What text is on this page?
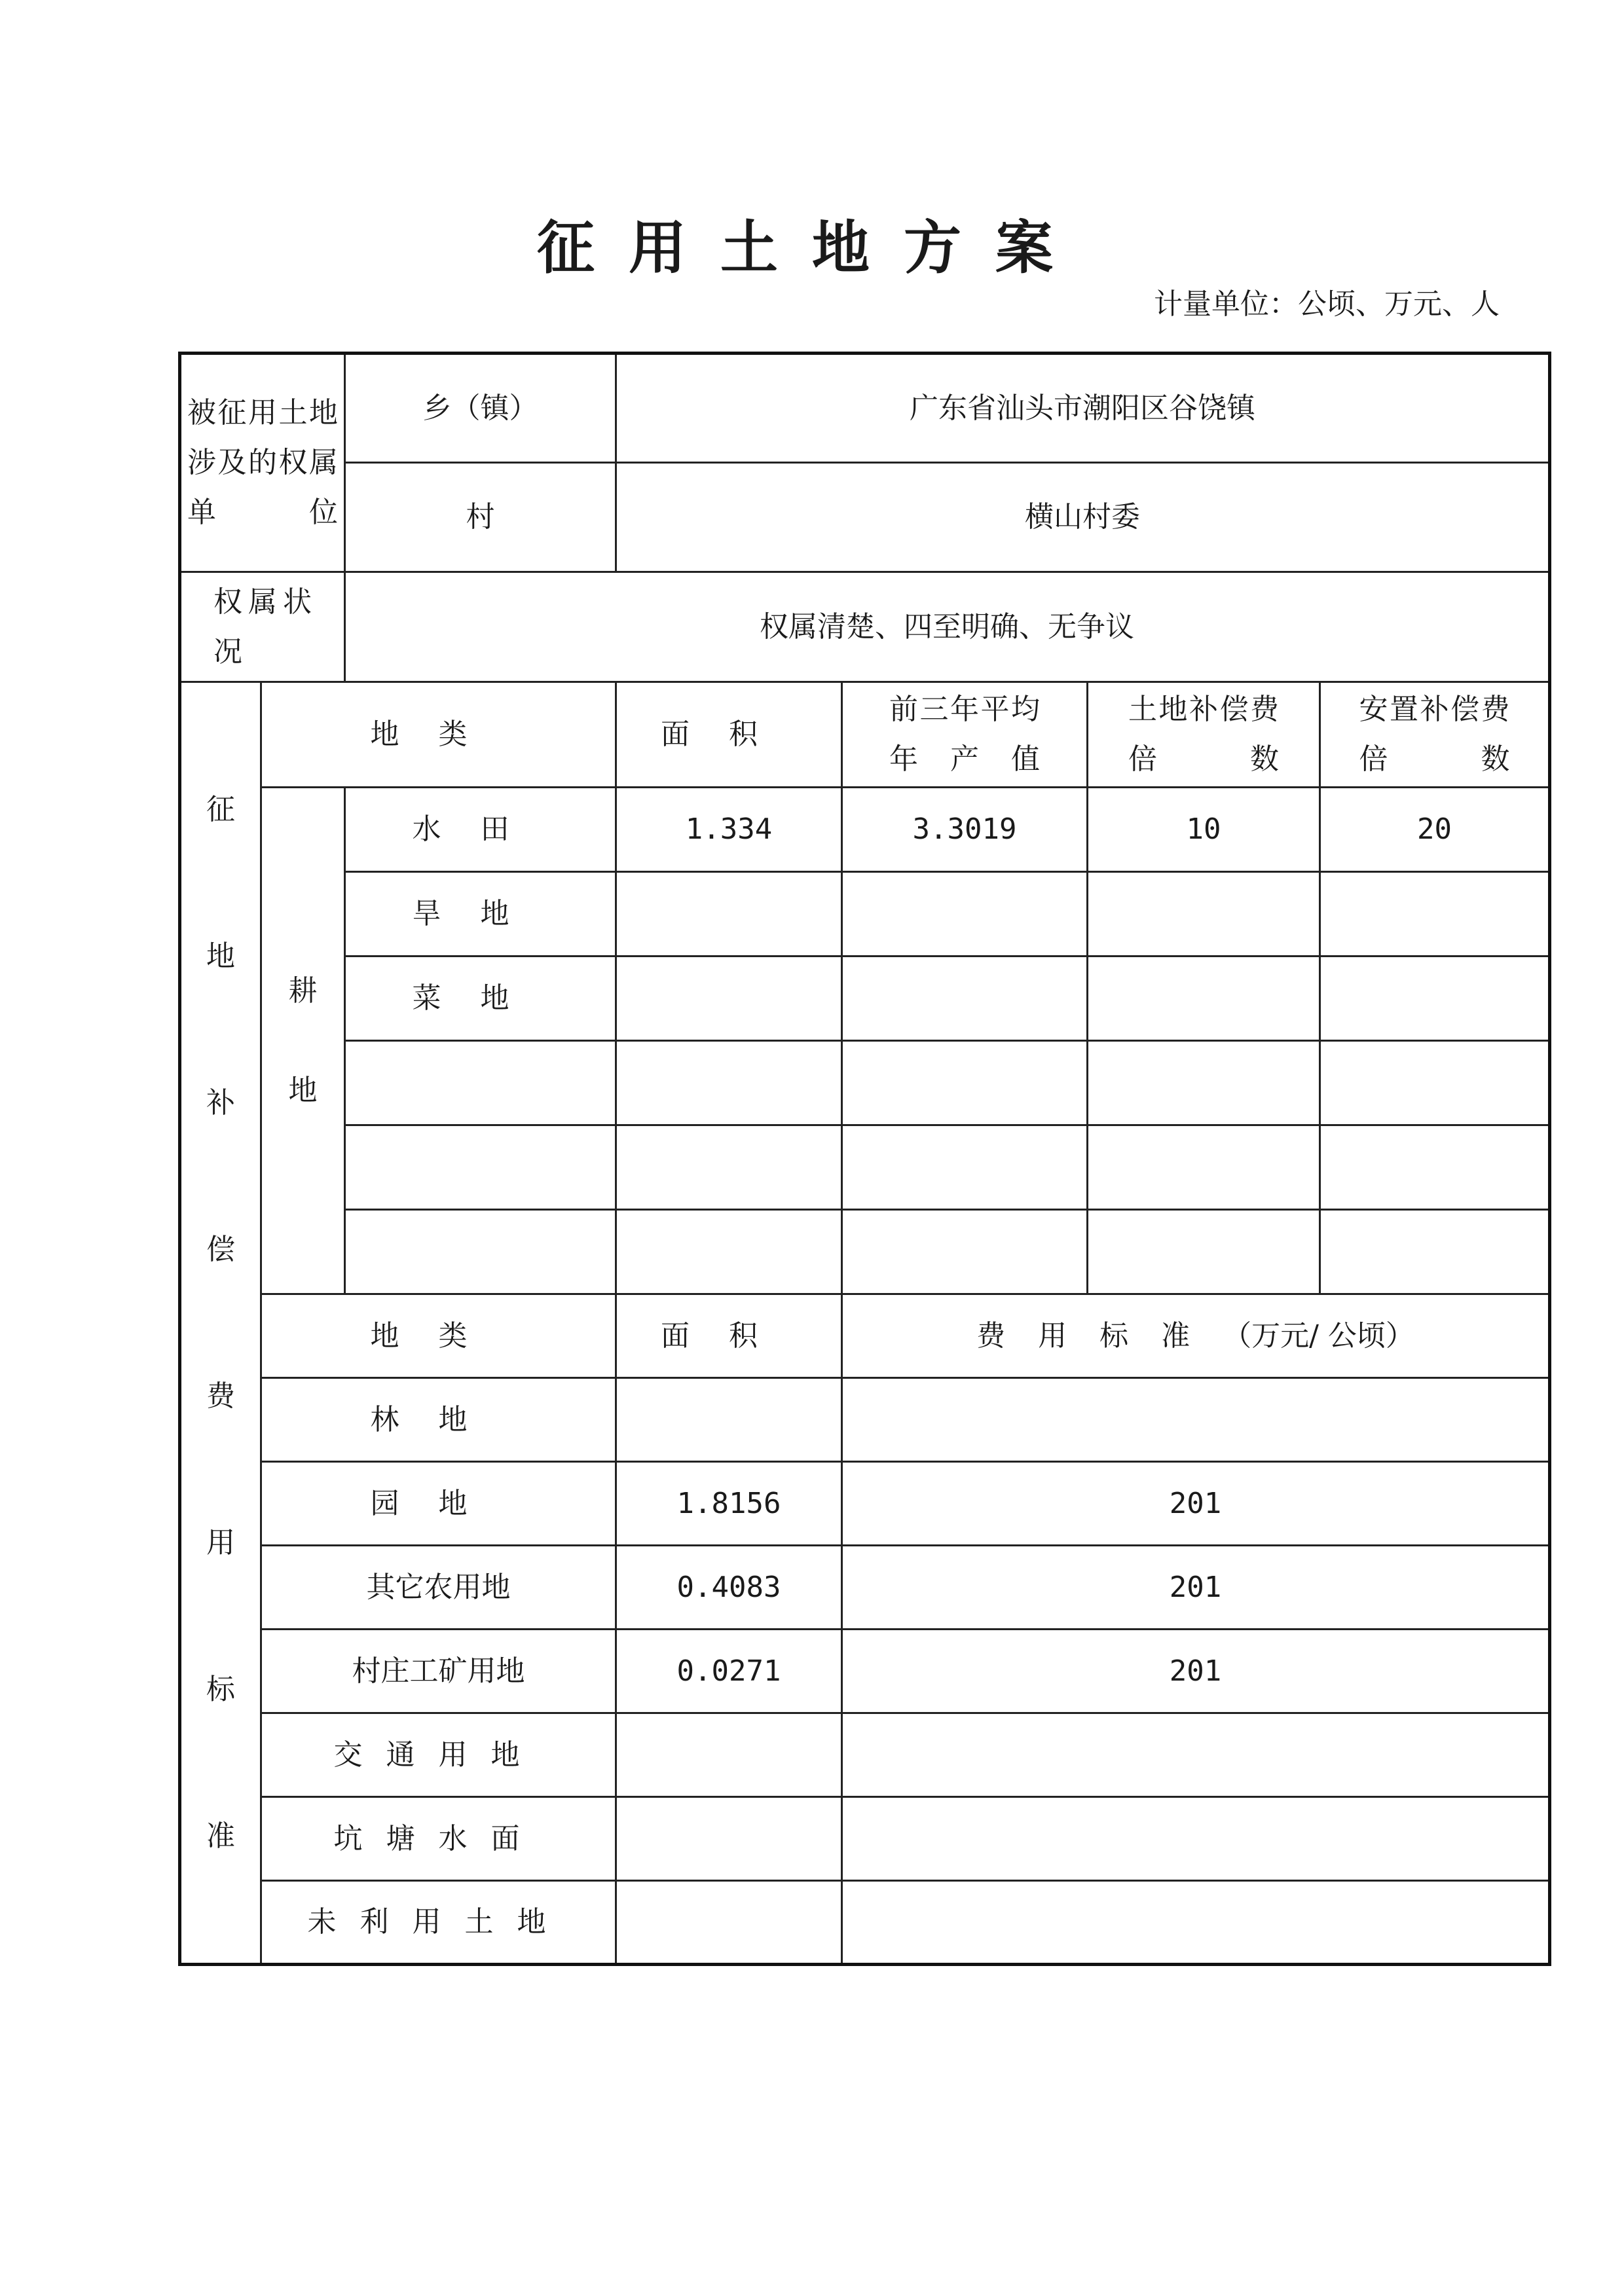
征用土地方案
计量单位：公顷、万元、人
被征用土地涉及的权属单位		乡（镇）	广东省汕头市潮阳区谷饶镇			
		村	横山村委			
权属状况		权属清楚、四至明确、无争议				
征地补偿费用标准	地类		面积	前三年平均年产值	土地补偿费倍数	安置补偿费倍数
	耕地	水田	1.334	3.3019	10	20
		旱地				
		菜地				

	地类		面积	费用标准（万元/ 公顷）		
	林地					
	园地		1.8156	201		
	其它农用地		0.4083	201		
	村庄工矿用地		0.0271	201		
	交通用地					
	坑塘水面					
	未利用土地					
